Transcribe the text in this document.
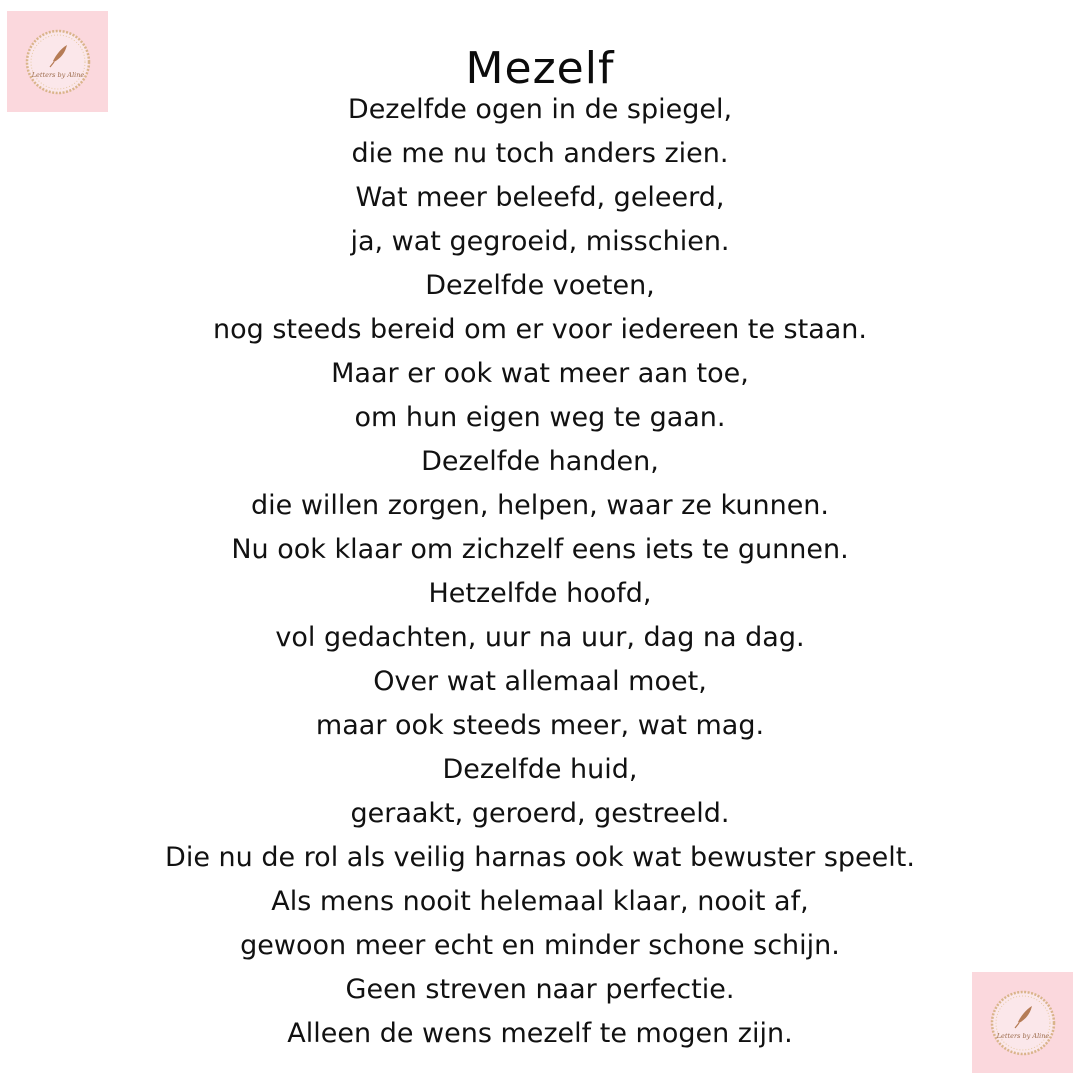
Letters by Aline
Letters by Aline
Mezelf
Dezelfde ogen in de spiegel,
die me nu toch anders zien.
Wat meer beleefd, geleerd,
ja, wat gegroeid, misschien.
Dezelfde voeten,
nog steeds bereid om er voor iedereen te staan.
Maar er ook wat meer aan toe,
om hun eigen weg te gaan.
Dezelfde handen,
die willen zorgen, helpen, waar ze kunnen.
Nu ook klaar om zichzelf eens iets te gunnen.
Hetzelfde hoofd,
vol gedachten, uur na uur, dag na dag.
Over wat allemaal moet,
maar ook steeds meer, wat mag.
Dezelfde huid,
geraakt, geroerd, gestreeld.
Die nu de rol als veilig harnas ook wat bewuster speelt.
Als mens nooit helemaal klaar, nooit af,
gewoon meer echt en minder schone schijn.
Geen streven naar perfectie.
Alleen de wens mezelf te mogen zijn.
